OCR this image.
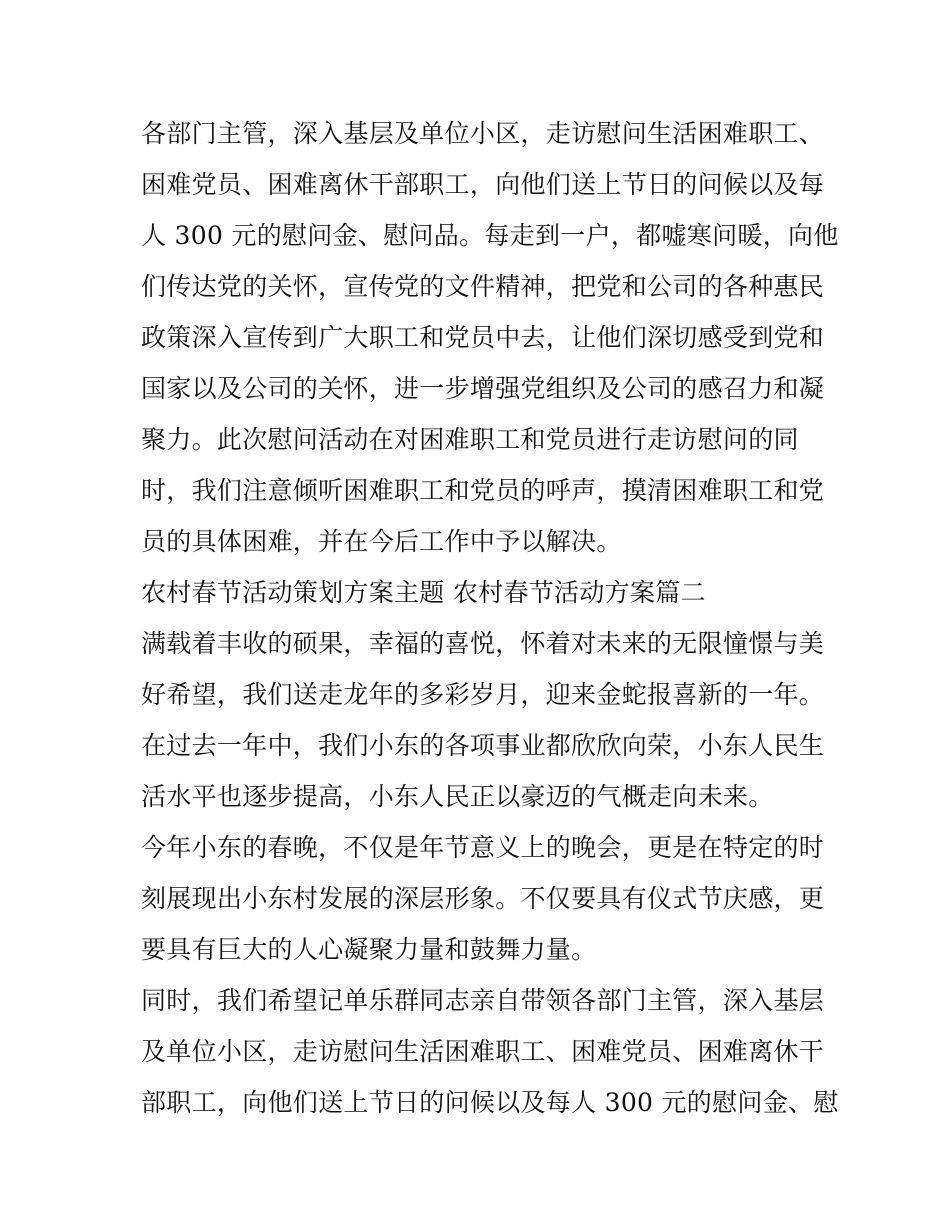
各部门主管，深入基层及单位小区，走访慰问生活困难职工、
困难党员、困难离休干部职工，向他们送上节日的问候以及每
人 300 元的慰问金、慰问品。每走到一户，都嘘寒问暖，向他
们传达党的关怀，宣传党的文件精神，把党和公司的各种惠民
政策深入宣传到广大职工和党员中去，让他们深切感受到党和
国家以及公司的关怀，进一步增强党组织及公司的感召力和凝
聚力。此次慰问活动在对困难职工和党员进行走访慰问的同
时，我们注意倾听困难职工和党员的呼声，摸清困难职工和党
员的具体困难，并在今后工作中予以解决。
农村春节活动策划方案主题 农村春节活动方案篇二
满载着丰收的硕果，幸福的喜悦，怀着对未来的无限憧憬与美
好希望，我们送走龙年的多彩岁月，迎来金蛇报喜新的一年。
在过去一年中，我们小东的各项事业都欣欣向荣，小东人民生
活水平也逐步提高，小东人民正以豪迈的气概走向未来。
今年小东的春晚，不仅是年节意义上的晚会，更是在特定的时
刻展现出小东村发展的深层形象。不仅要具有仪式节庆感，更
要具有巨大的人心凝聚力量和鼓舞力量。
同时，我们希望记单乐群同志亲自带领各部门主管，深入基层
及单位小区，走访慰问生活困难职工、困难党员、困难离休干
部职工，向他们送上节日的问候以及每人 300 元的慰问金、慰
